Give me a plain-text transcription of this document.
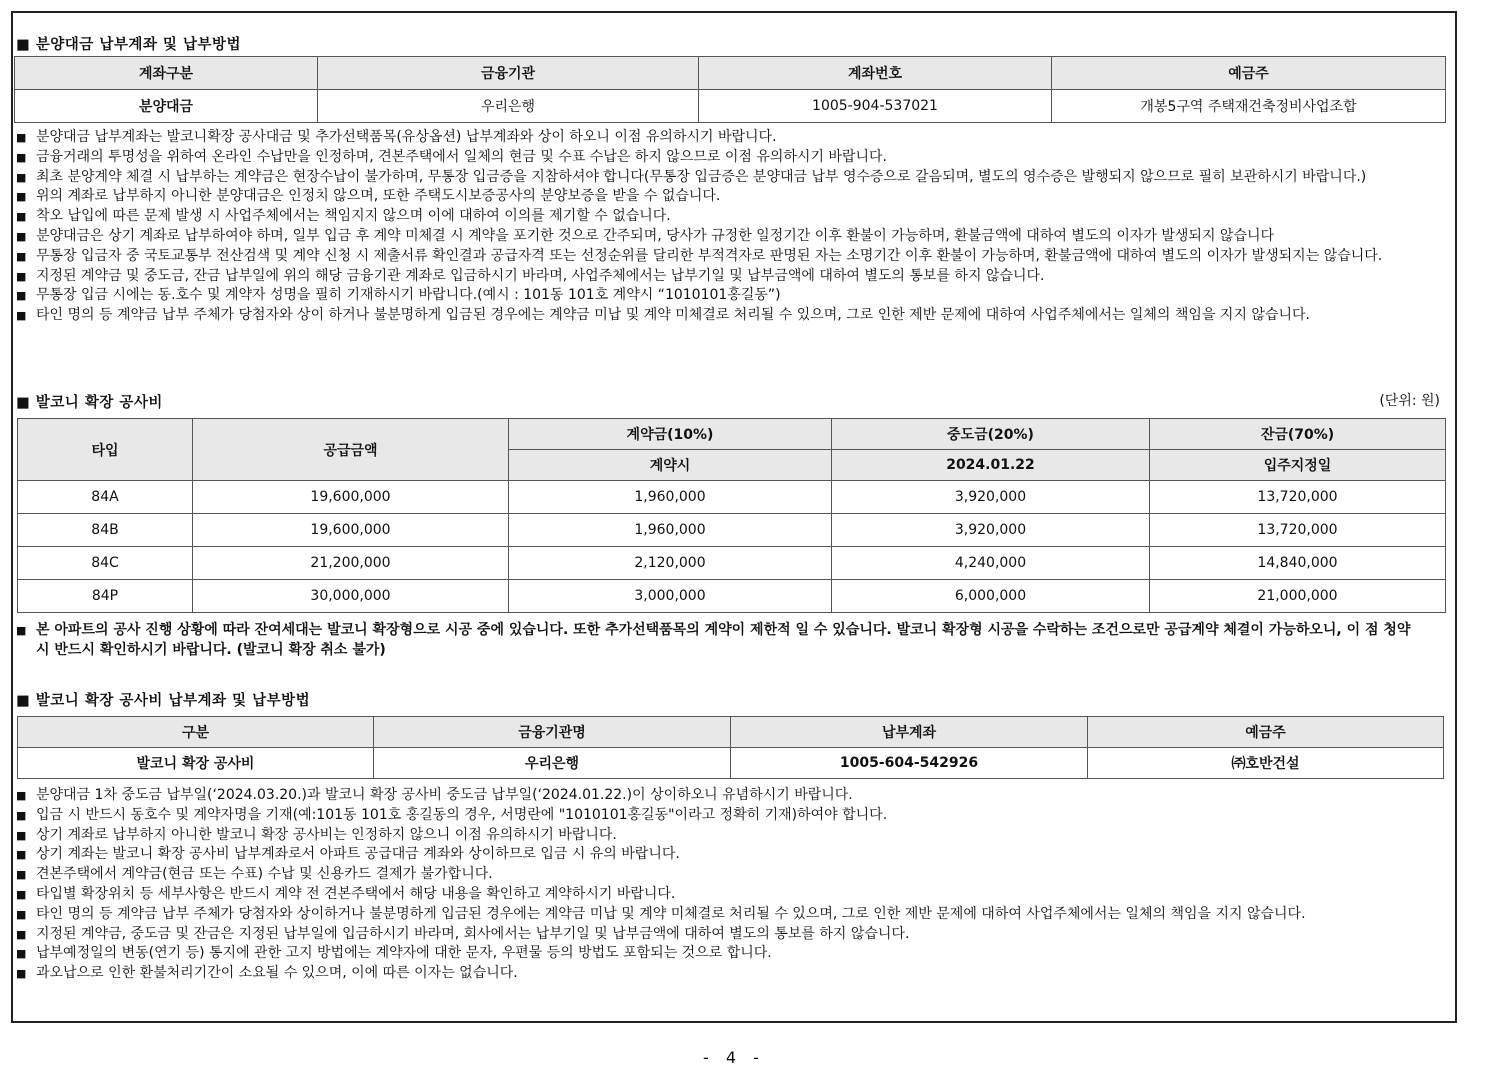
■ 분양대금 납부계좌 및 납부방법
계좌구분	금융기관	계좌번호	예금주
분양대금	우리은행	1005-904-537021	개봉5구역 주택재건축정비사업조합
■ 분양대금 납부계좌는 발코니확장 공사대금 및 추가선택품목(유상옵션) 납부계좌와 상이 하오니 이점 유의하시기 바랍니다.
■ 금융거래의 투명성을 위하여 온라인 수납만을 인정하며, 견본주택에서 일체의 현금 및 수표 수납은 하지 않으므로 이점 유의하시기 바랍니다.
■ 최초 분양계약 체결 시 납부하는 계약금은 현장수납이 불가하며, 무통장 입금증을 지참하셔야 합니다(무통장 입금증은 분양대금 납부 영수증으로 갈음되며, 별도의 영수증은 발행되지 않으므로 필히 보관하시기 바랍니다.)
■ 위의 계좌로 납부하지 아니한 분양대금은 인정치 않으며, 또한 주택도시보증공사의 분양보증을 받을 수 없습니다.
■ 착오 납입에 따른 문제 발생 시 사업주체에서는 책임지지 않으며 이에 대하여 이의를 제기할 수 없습니다.
■ 분양대금은 상기 계좌로 납부하여야 하며, 일부 입금 후 계약 미체결 시 계약을 포기한 것으로 간주되며, 당사가 규정한 일정기간 이후 환불이 가능하며, 환불금액에 대하여 별도의 이자가 발생되지 않습니다
■ 무통장 입금자 중 국토교통부 전산검색 및 계약 신청 시 제출서류 확인결과 공급자격 또는 선정순위를 달리한 부적격자로 판명된 자는 소명기간 이후 환불이 가능하며, 환불금액에 대하여 별도의 이자가 발생되지는 않습니다.
■ 지정된 계약금 및 중도금, 잔금 납부일에 위의 해당 금융기관 계좌로 입금하시기 바라며, 사업주체에서는 납부기일 및 납부금액에 대하여 별도의 통보를 하지 않습니다.
■ 무통장 입금 시에는 동.호수 및 계약자 성명을 필히 기재하시기 바랍니다.(예시 : 101동 101호 계약시 “1010101홍길동”)
■ 타인 명의 등 계약금 납부 주체가 당첨자와 상이 하거나 불분명하게 입금된 경우에는 계약금 미납 및 계약 미체결로 처리될 수 있으며, 그로 인한 제반 문제에 대하여 사업주체에서는 일체의 책임을 지지 않습니다.
■ 발코니 확장 공사비	(단위: 원)
타입	공급금액	계약금(10%)	중도금(20%)	잔금(70%)
		계약시	2024.01.22	입주지정일
84A	19,600,000	1,960,000	3,920,000	13,720,000
84B	19,600,000	1,960,000	3,920,000	13,720,000
84C	21,200,000	2,120,000	4,240,000	14,840,000
84P	30,000,000	3,000,000	6,000,000	21,000,000
■ 본 아파트의 공사 진행 상황에 따라 잔여세대는 발코니 확장형으로 시공 중에 있습니다. 또한 추가선택품목의 계약이 제한적 일 수 있습니다. 발코니 확장형 시공을 수락하는 조건으로만 공급계약 체결이 가능하오니, 이 점 청약 시 반드시 확인하시기 바랍니다. (발코니 확장 취소 불가)
■ 발코니 확장 공사비 납부계좌 및 납부방법
구분	금융기관명	납부계좌	예금주
발코니 확장 공사비	우리은행	1005-604-542926	㈜호반건설
■ 분양대금 1차 중도금 납부일(‘2024.03.20.)과 발코니 확장 공사비 중도금 납부일(‘2024.01.22.)이 상이하오니 유념하시기 바랍니다.
■ 입금 시 반드시 동호수 및 계약자명을 기재(예:101동 101호 홍길동의 경우, 서명란에 "1010101홍길동"이라고 정확히 기재)하여야 합니다.
■ 상기 계좌로 납부하지 아니한 발코니 확장 공사비는 인정하지 않으니 이점 유의하시기 바랍니다.
■ 상기 계좌는 발코니 확장 공사비 납부계좌로서 아파트 공급대금 계좌와 상이하므로 입금 시 유의 바랍니다.
■ 견본주택에서 계약금(현금 또는 수표) 수납 및 신용카드 결제가 불가합니다.
■ 타입별 확장위치 등 세부사항은 반드시 계약 전 견본주택에서 해당 내용을 확인하고 계약하시기 바랍니다.
■ 타인 명의 등 계약금 납부 주체가 당첨자와 상이하거나 불분명하게 입금된 경우에는 계약금 미납 및 계약 미체결로 처리될 수 있으며, 그로 인한 제반 문제에 대하여 사업주체에서는 일체의 책임을 지지 않습니다.
■ 지정된 계약금, 중도금 및 잔금은 지정된 납부일에 입금하시기 바라며, 회사에서는 납부기일 및 납부금액에 대하여 별도의 통보를 하지 않습니다.
■ 납부예정일의 변동(연기 등) 통지에 관한 고지 방법에는 계약자에 대한 문자, 우편물 등의 방법도 포함되는 것으로 합니다.
■ 과오납으로 인한 환불처리기간이 소요될 수 있으며, 이에 따른 이자는 없습니다.
- 4 -
